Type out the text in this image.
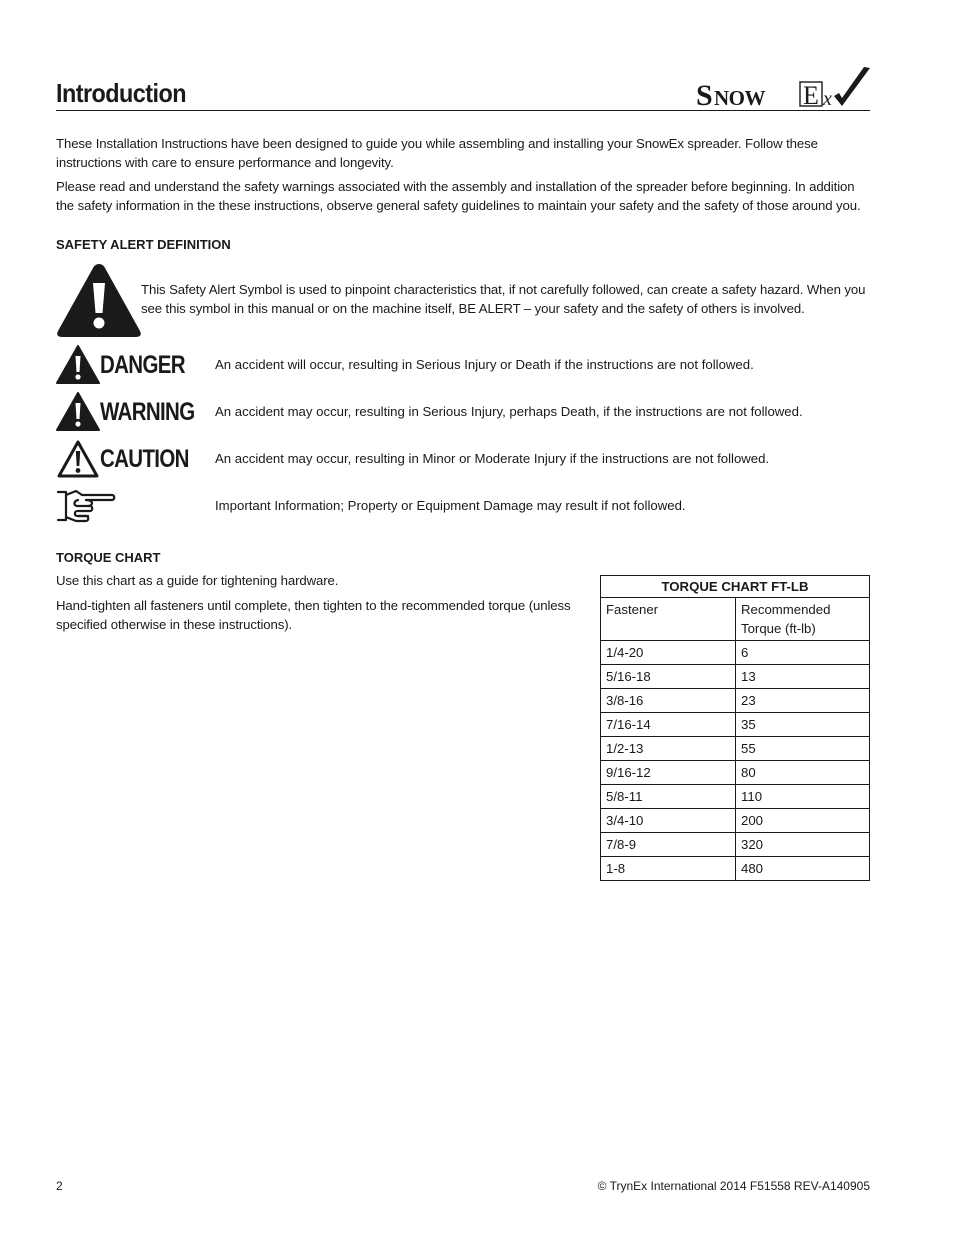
Introduction	S NOW E x

These Installation Instructions have been designed to guide you while assembling and installing your SnowEx spreader. Follow these instructions with care to ensure performance and longevity.

Please read and understand the safety warnings associated with the assembly and installation of the spreader before beginning. In addition the safety information in the these instructions, observe general safety guidelines to maintain your safety and the safety of those around you.

SAFETY ALERT DEFINITION

This Safety Alert Symbol is used to pinpoint characteristics that, if not carefully followed, can create a safety hazard. When you see this symbol in this manual or on the machine itself, BE ALERT – your safety and the safety of others is involved.

DANGER An accident will occur, resulting in Serious Injury or Death if the instructions are not followed.
WARNING An accident may occur, resulting in Serious Injury, perhaps Death, if the instructions are not followed.
CAUTION An accident may occur, resulting in Minor or Moderate Injury if the instructions are not followed.
Important Information; Property or Equipment Damage may result if not followed.
TORQUE CHART

Use this chart as a guide for tightening hardware.

Hand-tighten all fasteners until complete, then tighten to the recommended torque (unless specified otherwise in these instructions).

TORQUE CHART FT-LB	
Fastener	Recommended
Torque (ft-lb)
1/4-20	6
5/16-18	13
3/8-16	23
7/16-14	35
1/2-13	55
9/16-12	80
5/8-11	110
3/4-10	200
7/8-9	320
1-8	480
2	© TrynEx International 2014 F51558 REV-A140905
